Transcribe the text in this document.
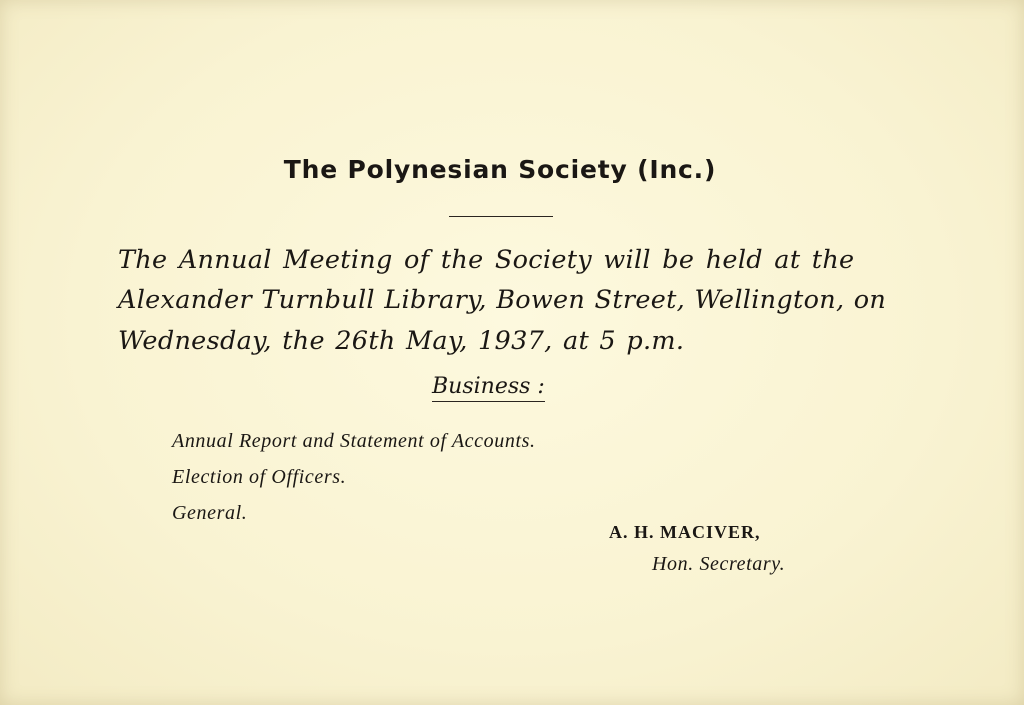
The Polynesian Society (Inc.)
The Annual Meeting of the Society will be held at the
Alexander Turnbull Library, Bowen Street, Wellington, on
Wednesday, the 26th May, 1937, at 5 p.m.
Business :
Annual Report and Statement of Accounts.
Election of Officers.
General.
A. H. MACIVER,
Hon. Secretary.
